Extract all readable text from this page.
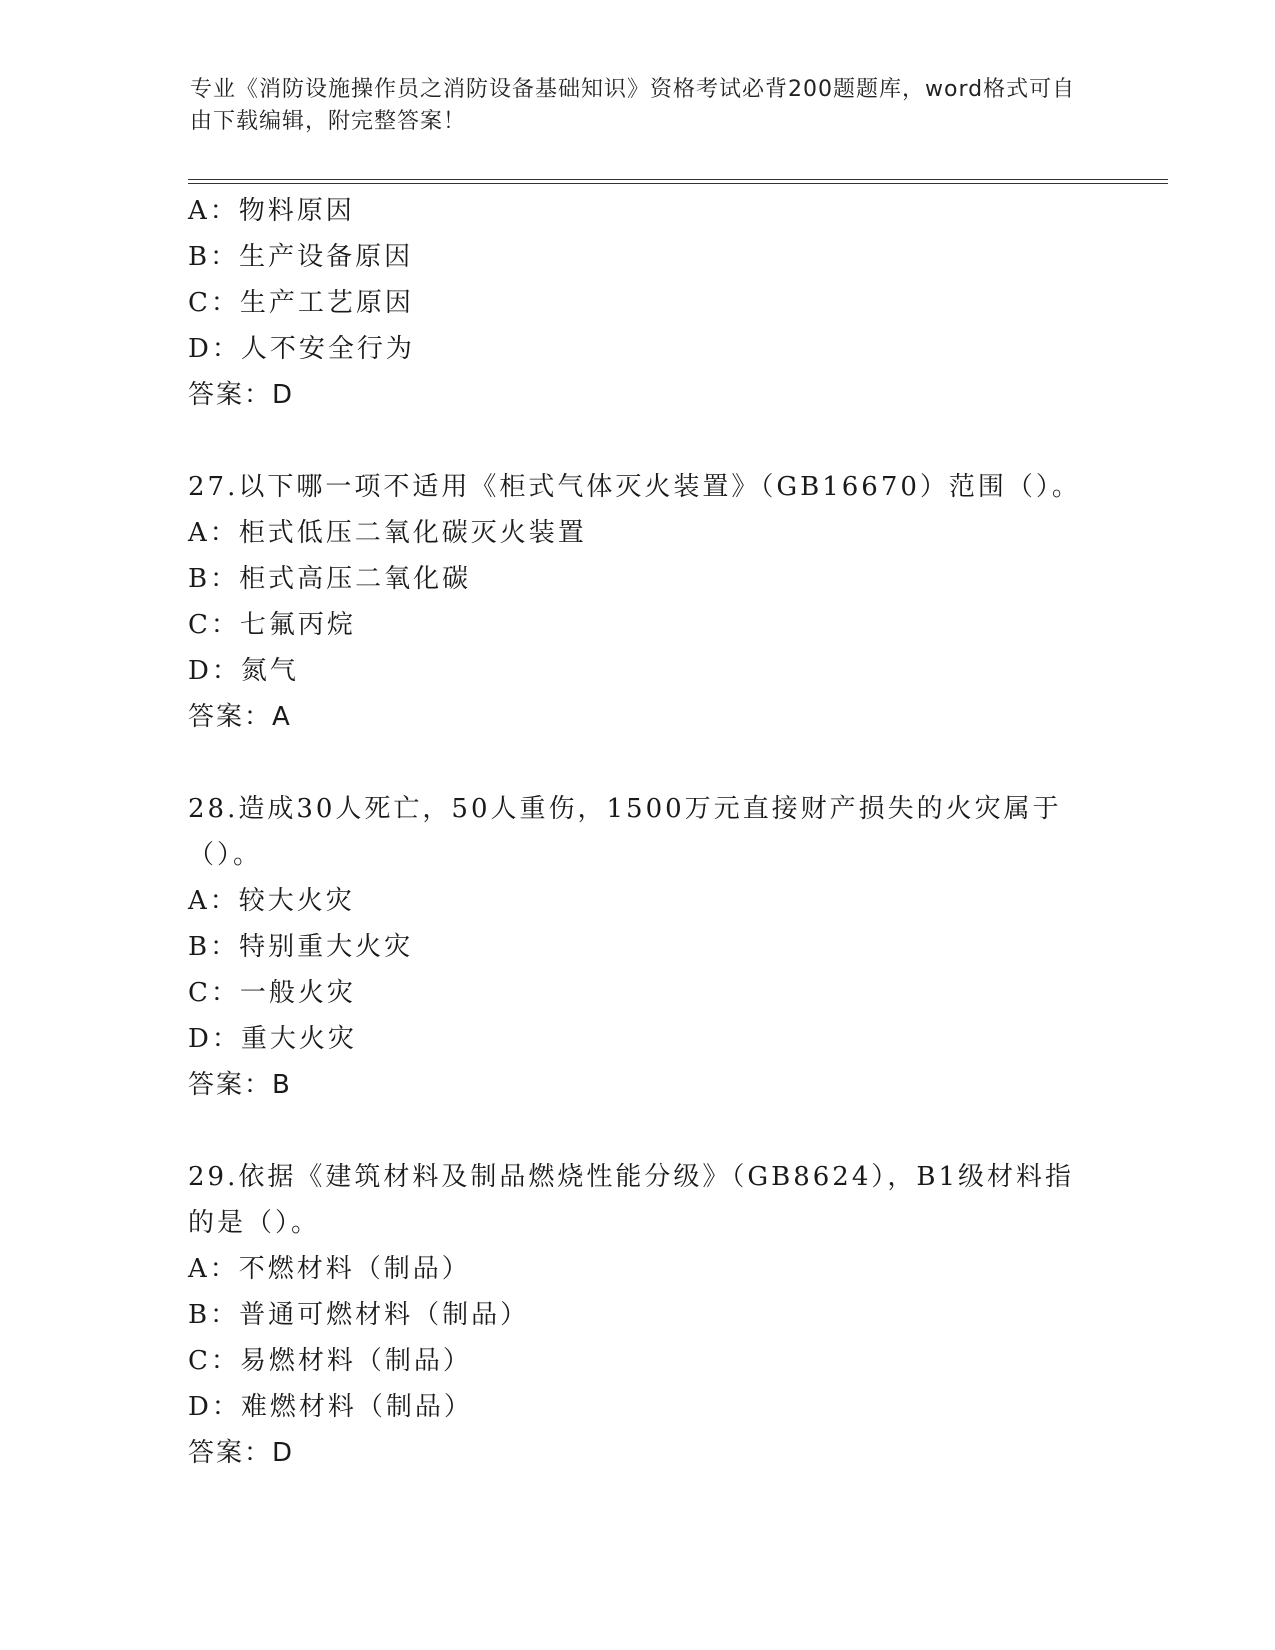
专业《消防设施操作员之消防设备基础知识》资格考试必背200题题库，word格式可自由下载编辑，附完整答案！
A：物料原因
B：生产设备原因
C：生产工艺原因
D：人不安全行为
答案：D
27.以下哪一项不适用《柜式气体灭火装置》（GB16670）范围（）。
A：柜式低压二氧化碳灭火装置
B：柜式高压二氧化碳
C：七氟丙烷
D：氮气
答案：A
28.造成30人死亡，50人重伤，1500万元直接财产损失的火灾属于（）。
A：较大火灾
B：特别重大火灾
C：一般火灾
D：重大火灾
答案：B
29.依据《建筑材料及制品燃烧性能分级》（GB8624），B1级材料指的是（）。
A：不燃材料（制品）
B：普通可燃材料（制品）
C：易燃材料（制品）
D：难燃材料（制品）
答案：D
